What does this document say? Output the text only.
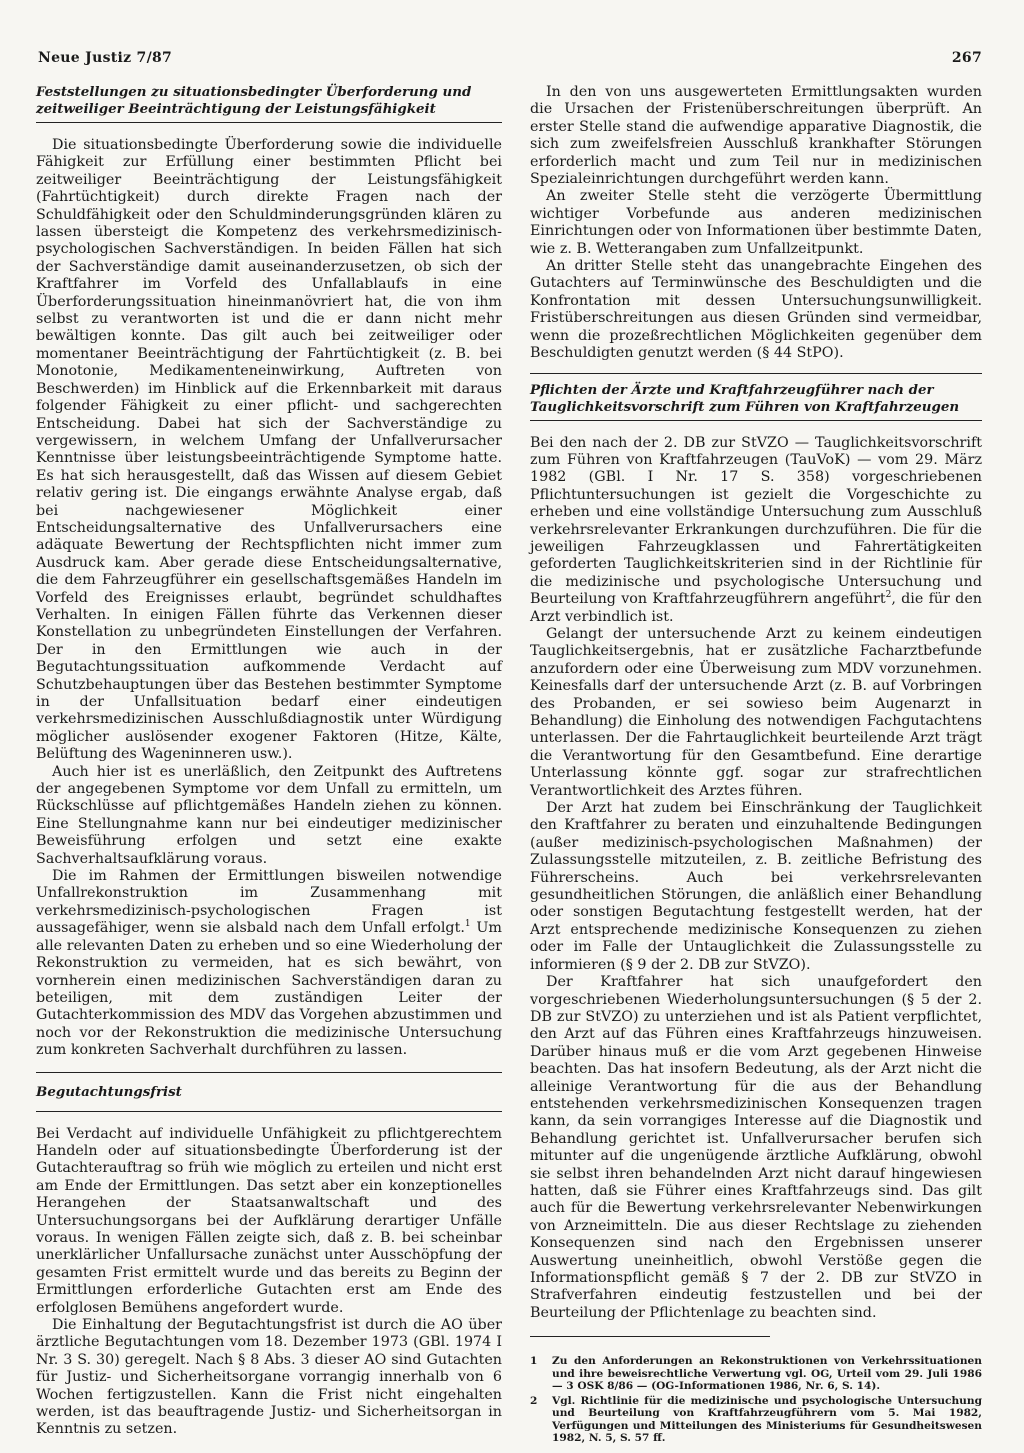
Neue Justiz 7/87	267
Feststellungen zu situationsbedingter Überforderung und zeitweiliger Beeinträchtigung der Leistungsfähigkeit

Die situationsbedingte Überforderung sowie die individuelle Fähigkeit zur Erfüllung einer bestimmten Pflicht bei zeitweiliger Beeinträchtigung der Leistungsfähigkeit (Fahrtüchtigkeit) durch direkte Fragen nach der Schuldfähigkeit oder den Schuldminderungsgründen klären zu lassen übersteigt die Kompetenz des verkehrsmedizinisch-psychologischen Sachverständigen. In beiden Fällen hat sich der Sachverständige damit auseinanderzusetzen, ob sich der Kraftfahrer im Vorfeld des Unfallablaufs in eine Überforderungssituation hineinmanövriert hat, die von ihm selbst zu verantworten ist und die er dann nicht mehr bewältigen konnte. Das gilt auch bei zeitweiliger oder momentaner Beeinträchtigung der Fahrtüchtigkeit (z. B. bei Monotonie, Medikamenteneinwirkung, Auftreten von Beschwerden) im Hinblick auf die Erkennbarkeit mit daraus folgender Fähigkeit zu einer pflicht- und sachgerechten Entscheidung. Dabei hat sich der Sachverständige zu vergewissern, in welchem Umfang der Unfallverursacher Kenntnisse über leistungsbeeinträchtigende Symptome hatte. Es hat sich herausgestellt, daß das Wissen auf diesem Gebiet relativ gering ist. Die eingangs erwähnte Analyse ergab, daß bei nachgewiesener Möglichkeit einer Entscheidungsalternative des Unfallverursachers eine adäquate Bewertung der Rechtspflichten nicht immer zum Ausdruck kam. Aber gerade diese Entscheidungsalternative, die dem Fahrzeugführer ein gesellschaftsgemäßes Handeln im Vorfeld des Ereignisses erlaubt, begründet schuldhaftes Verhalten. In einigen Fällen führte das Verkennen dieser Konstellation zu unbegründeten Einstellungen der Verfahren. Der in den Ermittlungen wie auch in der Begutachtungssituation aufkommende Verdacht auf Schutzbehauptungen über das Bestehen bestimmter Symptome in der Unfallsituation bedarf einer eindeutigen verkehrsmedizinischen Ausschlußdiagnostik unter Würdigung möglicher auslösender exogener Faktoren (Hitze, Kälte, Belüftung des Wageninneren usw.).

Auch hier ist es unerläßlich, den Zeitpunkt des Auftretens der angegebenen Symptome vor dem Unfall zu ermitteln, um Rückschlüsse auf pflichtgemäßes Handeln ziehen zu können. Eine Stellungnahme kann nur bei eindeutiger medizinischer Beweisführung erfolgen und setzt eine exakte Sachverhaltsaufklärung voraus.

Die im Rahmen der Ermittlungen bisweilen notwendige Unfallrekonstruktion im Zusammenhang mit verkehrsmedizinisch-psychologischen Fragen ist aussagefähiger, wenn sie alsbald nach dem Unfall erfolgt.$^1$ Um alle relevanten Daten zu erheben und so eine Wiederholung der Rekonstruktion zu vermeiden, hat es sich bewährt, von vornherein einen medizinischen Sachverständigen daran zu beteiligen, mit dem zuständigen Leiter der Gutachterkommission des MDV das Vorgehen abzustimmen und noch vor der Rekonstruktion die medizinische Untersuchung zum konkreten Sachverhalt durchführen zu lassen.

Begutachtungsfrist

Bei Verdacht auf individuelle Unfähigkeit zu pflichtgerechtem Handeln oder auf situationsbedingte Überforderung ist der Gutachterauftrag so früh wie möglich zu erteilen und nicht erst am Ende der Ermittlungen. Das setzt aber ein konzeptionelles Herangehen der Staatsanwaltschaft und des Untersuchungsorgans bei der Aufklärung derartiger Unfälle voraus. In wenigen Fällen zeigte sich, daß z. B. bei scheinbar unerklärlicher Unfallursache zunächst unter Ausschöpfung der gesamten Frist ermittelt wurde und das bereits zu Beginn der Ermittlungen erforderliche Gutachten erst am Ende des erfolglosen Bemühens angefordert wurde.

Die Einhaltung der Begutachtungsfrist ist durch die AO über ärztliche Begutachtungen vom 18. Dezember 1973 (GBl. 1974 I Nr. 3 S. 30) geregelt. Nach § 8 Abs. 3 dieser AO sind Gutachten für Justiz- und Sicherheitsorgane vorrangig innerhalb von 6 Wochen fertigzustellen. Kann die Frist nicht eingehalten werden, ist das beauftragende Justiz- und Sicherheitsorgan in Kenntnis zu setzen.

In den von uns ausgewerteten Ermittlungsakten wurden die Ursachen der Fristenüberschreitungen überprüft. An erster Stelle stand die aufwendige apparative Diagnostik, die sich zum zweifelsfreien Ausschluß krankhafter Störungen erforderlich macht und zum Teil nur in medizinischen Spezialeinrichtungen durchgeführt werden kann.

An zweiter Stelle steht die verzögerte Übermittlung wichtiger Vorbefunde aus anderen medizinischen Einrichtungen oder von Informationen über bestimmte Daten, wie z. B. Wetterangaben zum Unfallzeitpunkt.

An dritter Stelle steht das unangebrachte Eingehen des Gutachters auf Terminwünsche des Beschuldigten und die Konfrontation mit dessen Untersuchungsunwilligkeit. Fristüberschreitungen aus diesen Gründen sind vermeidbar, wenn die prozeßrechtlichen Möglichkeiten gegenüber dem Beschuldigten genutzt werden (§ 44 StPO).

Pflichten der Ärzte und Kraftfahrzeugführer nach der Tauglichkeitsvorschrift zum Führen von Kraftfahrzeugen

Bei den nach der 2. DB zur StVZO — Tauglichkeitsvorschrift zum Führen von Kraftfahrzeugen (TauVoK) — vom 29. März 1982 (GBl. I Nr. 17 S. 358) vorgeschriebenen Pflichtuntersuchungen ist gezielt die Vorgeschichte zu erheben und eine vollständige Untersuchung zum Ausschluß verkehrsrelevanter Erkrankungen durchzuführen. Die für die jeweiligen Fahrzeugklassen und Fahrertätigkeiten geforderten Tauglichkeitskriterien sind in der Richtlinie für die medizinische und psychologische Untersuchung und Beurteilung von Kraftfahrzeugführern angeführt$^2$, die für den Arzt verbindlich ist.

Gelangt der untersuchende Arzt zu keinem eindeutigen Tauglichkeitsergebnis, hat er zusätzliche Facharztbefunde anzufordern oder eine Überweisung zum MDV vorzunehmen. Keinesfalls darf der untersuchende Arzt (z. B. auf Vorbringen des Probanden, er sei sowieso beim Augenarzt in Behandlung) die Einholung des notwendigen Fachgutachtens unterlassen. Der die Fahrtauglichkeit beurteilende Arzt trägt die Verantwortung für den Gesamtbefund. Eine derartige Unterlassung könnte ggf. sogar zur strafrechtlichen Verantwortlichkeit des Arztes führen.

Der Arzt hat zudem bei Einschränkung der Tauglichkeit den Kraftfahrer zu beraten und einzuhaltende Bedingungen (außer medizinisch-psychologischen Maßnahmen) der Zulassungsstelle mitzuteilen, z. B. zeitliche Befristung des Führerscheins. Auch bei verkehrsrelevanten gesundheitlichen Störungen, die anläßlich einer Behandlung oder sonstigen Begutachtung festgestellt werden, hat der Arzt entsprechende medizinische Konsequenzen zu ziehen oder im Falle der Untauglichkeit die Zulassungsstelle zu informieren (§ 9 der 2. DB zur StVZO).

Der Kraftfahrer hat sich unaufgefordert den vorgeschriebenen Wiederholungsuntersuchungen (§ 5 der 2. DB zur StVZO) zu unterziehen und ist als Patient verpflichtet, den Arzt auf das Führen eines Kraftfahrzeugs hinzuweisen. Darüber hinaus muß er die vom Arzt gegebenen Hinweise beachten. Das hat insofern Bedeutung, als der Arzt nicht die alleinige Verantwortung für die aus der Behandlung entstehenden verkehrsmedizinischen Konsequenzen tragen kann, da sein vorrangiges Interesse auf die Diagnostik und Behandlung gerichtet ist. Unfallverursacher berufen sich mitunter auf die ungenügende ärztliche Aufklärung, obwohl sie selbst ihren behandelnden Arzt nicht darauf hingewiesen hatten, daß sie Führer eines Kraftfahrzeugs sind. Das gilt auch für die Bewertung verkehrsrelevanter Nebenwirkungen von Arzneimitteln. Die aus dieser Rechtslage zu ziehenden Konsequenzen sind nach den Ergebnissen unserer Auswertung uneinheitlich, obwohl Verstöße gegen die Informationspflicht gemäß § 7 der 2. DB zur StVZO in Strafverfahren eindeutig festzustellen und bei der Beurteilung der Pflichtenlage zu beachten sind.

1	Zu den Anforderungen an Rekonstruktionen von Verkehrssituationen und ihre beweisrechtliche Verwertung vgl. OG, Urteil vom 29. Juli 1986 — 3 OSK 8/86 — (OG-Informationen 1986, Nr. 6, S. 14).
2	Vgl. Richtlinie für die medizinische und psychologische Untersuchung und Beurteilung von Kraftfahrzeugführern vom 5. Mai 1982, Verfügungen und Mitteilungen des Ministeriums für Gesundheitswesen 1982, N. 5, S. 57 ff.
